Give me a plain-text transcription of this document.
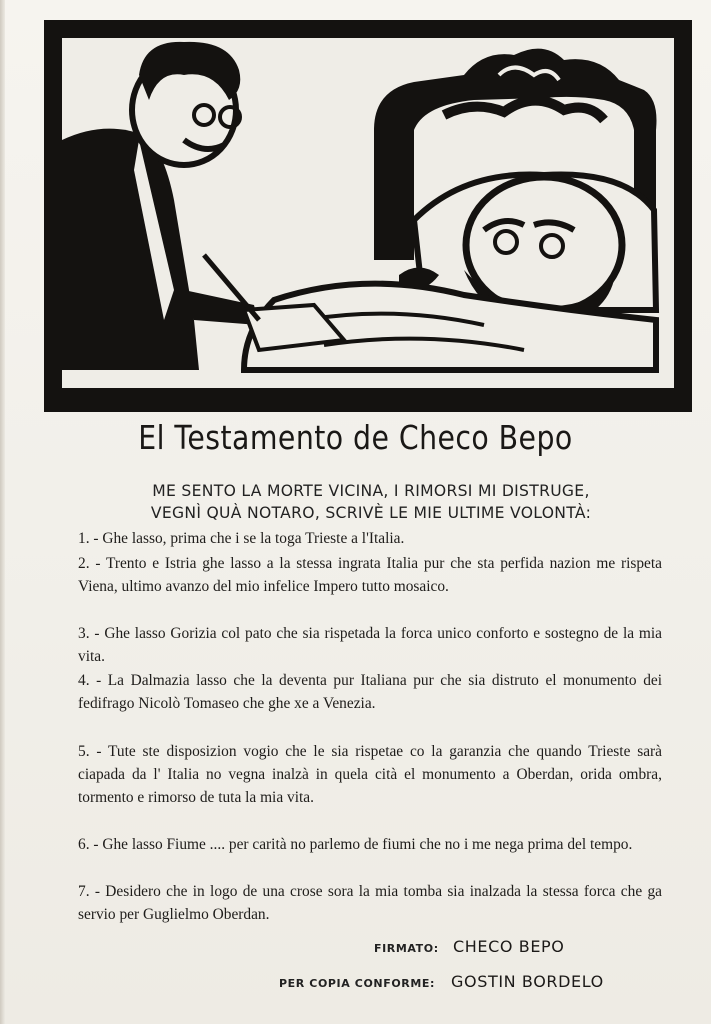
El Testamento de Checo Bepo
ME SENTO LA MORTE VICINA, I RIMORSI MI DISTRUGE,
VEGNÌ QUÀ NOTARO, SCRIVÈ LE MIE ULTIME VOLONTÀ:
1. - Ghe lasso, prima che i se la toga Trieste a l'Italia.
2. - Trento e Istria ghe lasso a la stessa ingrata Italia pur che sta perfida nazion me rispeta Viena, ultimo avanzo del mio infelice Impero tutto mosaico.
3. - Ghe lasso Gorizia col pato che sia rispetada la forca unico conforto e sostegno de la mia vita.
4. - La Dalmazia lasso che la deventa pur Italiana pur che sia distruto el monumento dei fedifrago Nicolò Tomaseo che ghe xe a Venezia.
5. - Tute ste disposizion vogio che le sia rispetae co la garanzia che quando Trieste sarà ciapada da l' Italia no vegna inalzà in quela cità el monumento a Oberdan, orida ombra, tormento e rimorso de tuta la mia vita.
6. - Ghe lasso Fiume .... per carità no parlemo de fiumi che no i me nega prima del tempo.
7. - Desidero che in logo de una crose sora la mia tomba sia inalzada la stessa forca che ga servio per Guglielmo Oberdan.
FIRMATO: CHECO BEPO
PER COPIA CONFORME: GOSTIN BORDELO
